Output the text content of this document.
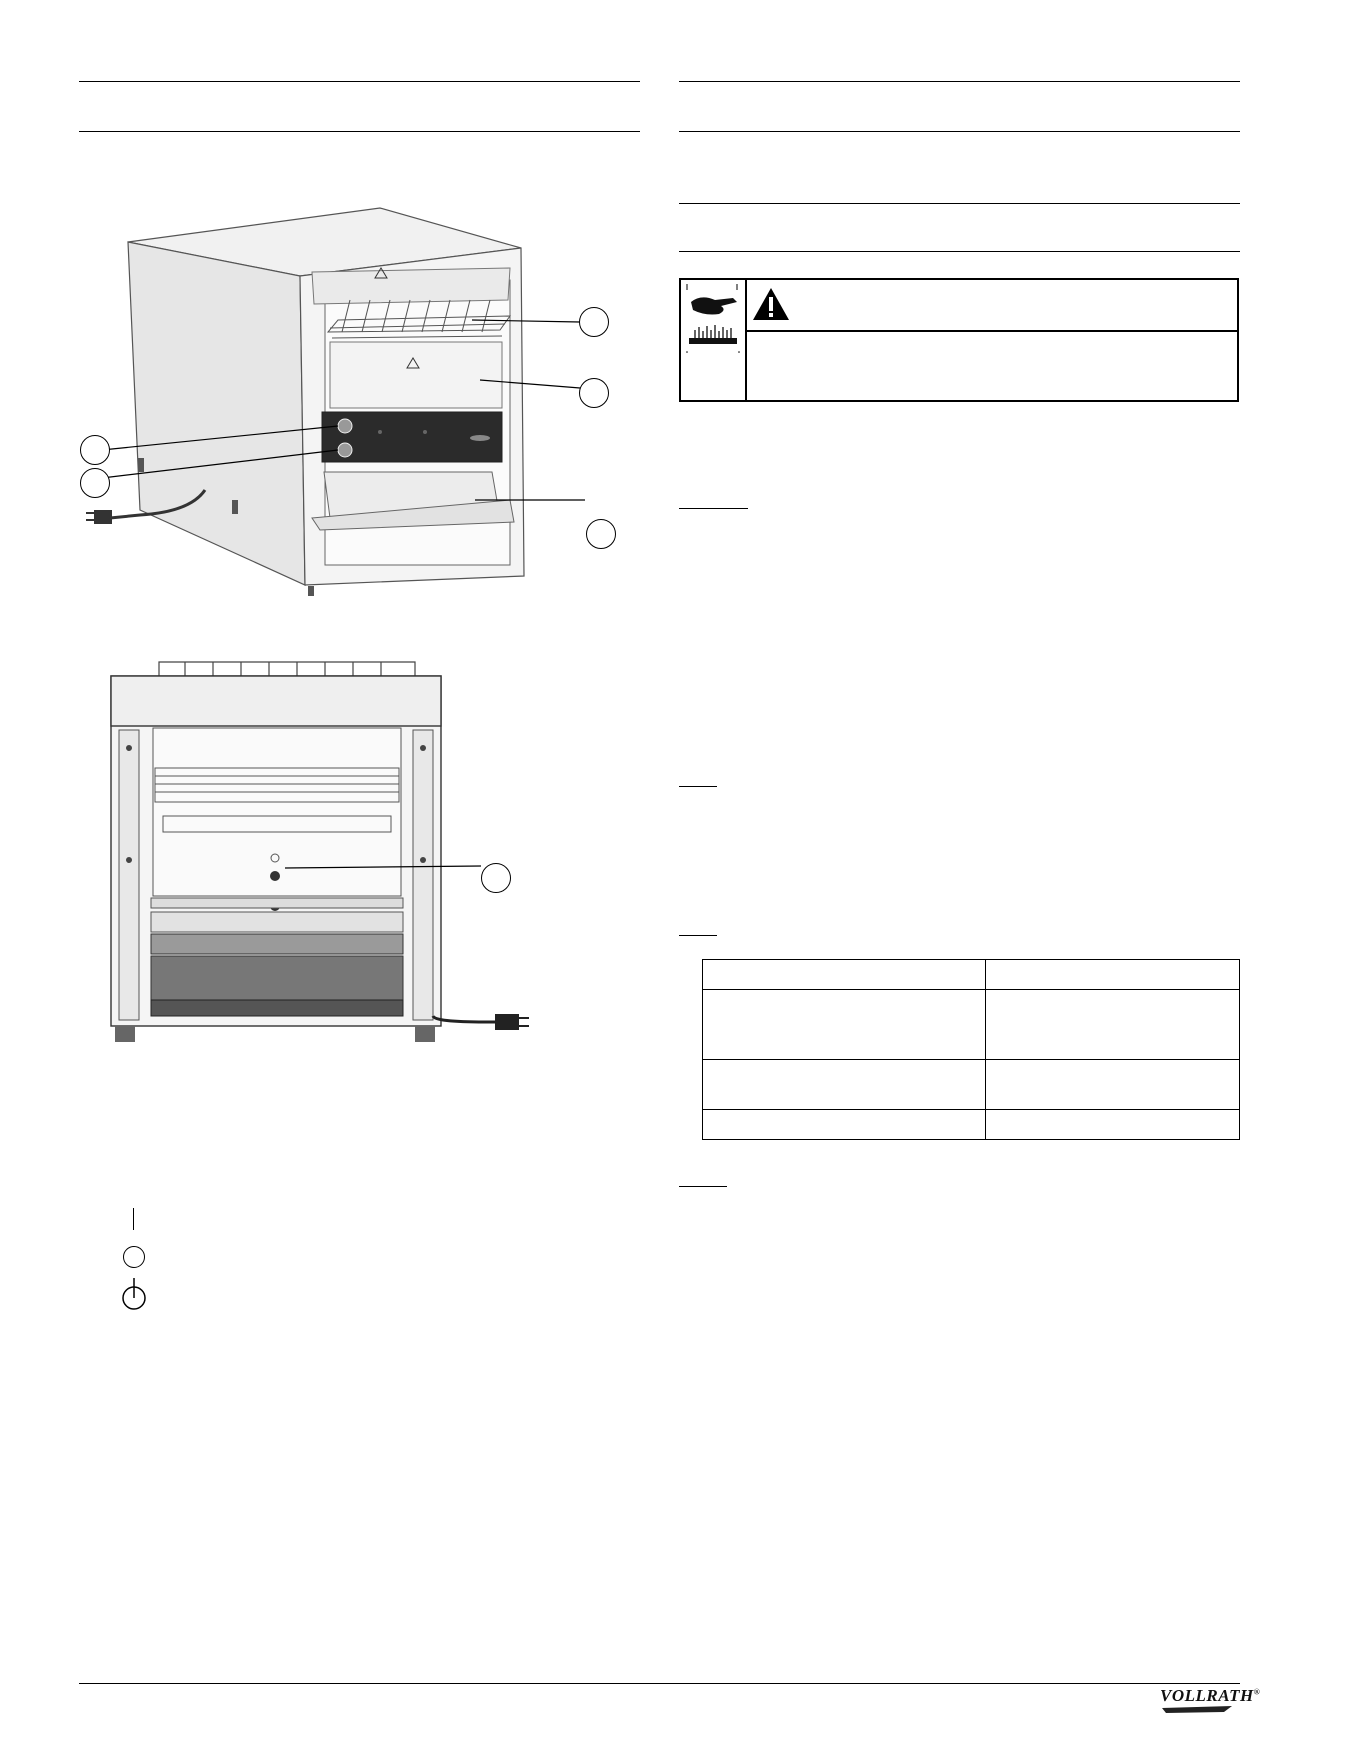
VOLLRATH®
